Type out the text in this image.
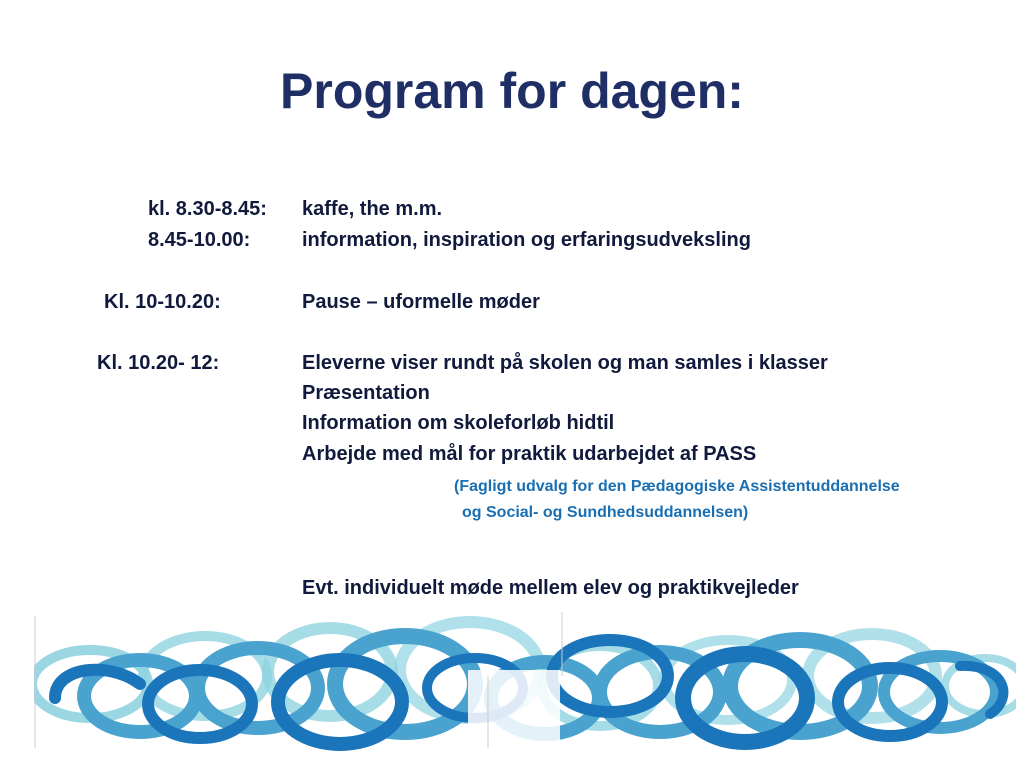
Program for dagen:
kl. 8.30-8.45: kaffe, the m.m.
8.45-10.00:	information, inspiration og erfaringsudveksling
Kl. 10-10.20:	Pause – uformelle møder
Kl. 10.20- 12:	Eleverne viser rundt på skolen og man samles i klasser
Præsentation
Information om skoleforløb hidtil
Arbejde med mål for praktik udarbejdet af PASS
(Fagligt udvalg for den Pædagogiske Assistentuddannelse
og Social- og Sundhedsuddannelsen)
Evt. individuelt møde mellem elev og praktikvejleder
